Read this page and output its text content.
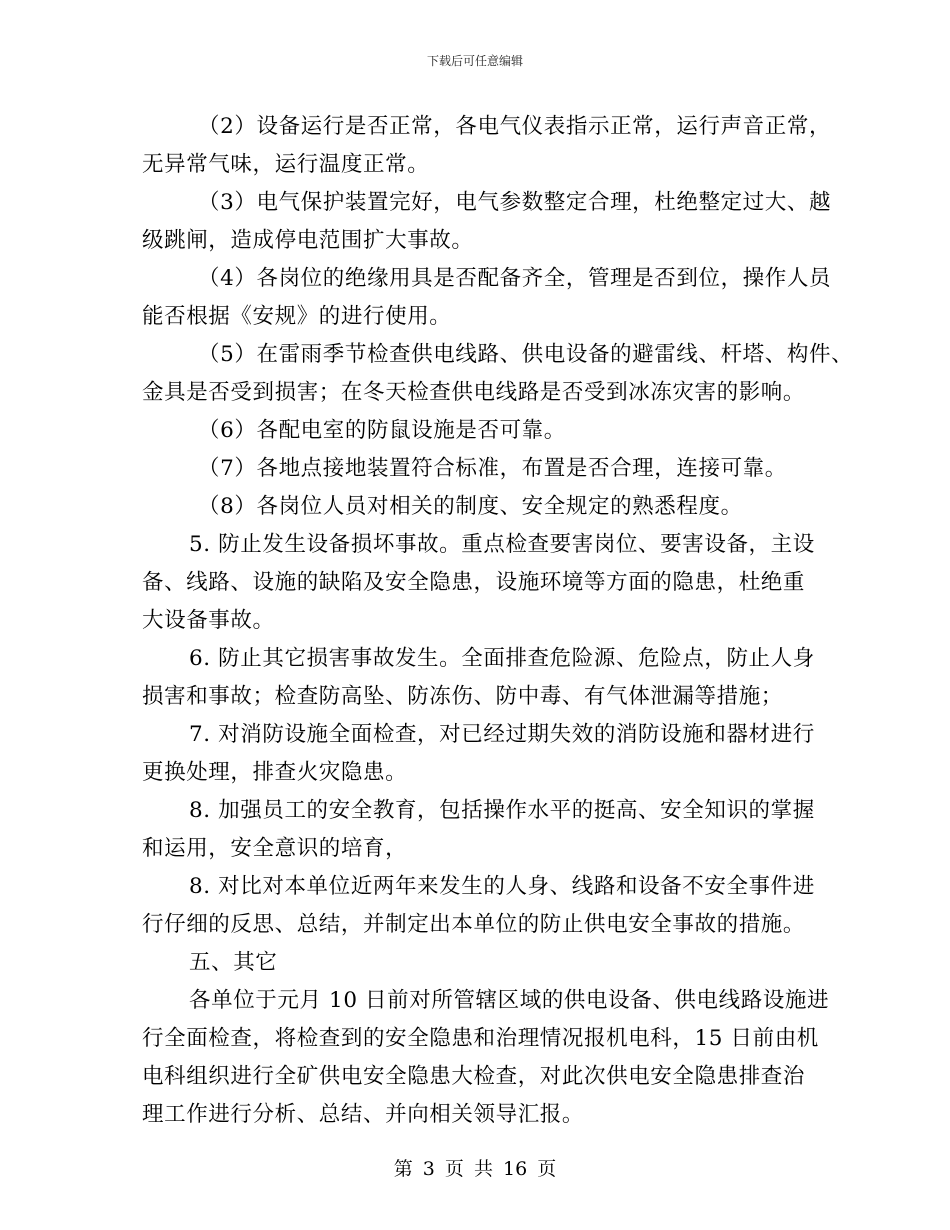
下载后可任意编辑
（2）设备运行是否正常，各电气仪表指示正常，运行声音正常，
无异常气味，运行温度正常。
（3）电气保护装置完好，电气参数整定合理，杜绝整定过大、越
级跳闸，造成停电范围扩大事故。
（4）各岗位的绝缘用具是否配备齐全，管理是否到位，操作人员
能否根据《安规》的进行使用。
（5）在雷雨季节检查供电线路、供电设备的避雷线、杆塔、构件、
金具是否受到损害；在冬天检查供电线路是否受到冰冻灾害的影响。
（6）各配电室的防鼠设施是否可靠。
（7）各地点接地装置符合标准，布置是否合理，连接可靠。
（8）各岗位人员对相关的制度、安全规定的熟悉程度。
5. 防止发生设备损坏事故。重点检查要害岗位、要害设备，主设
备、线路、设施的缺陷及安全隐患，设施环境等方面的隐患，杜绝重
大设备事故。
6. 防止其它损害事故发生。全面排查危险源、危险点，防止人身
损害和事故；检查防高坠、防冻伤、防中毒、有气体泄漏等措施；
7. 对消防设施全面检查，对已经过期失效的消防设施和器材进行
更换处理，排查火灾隐患。
8. 加强员工的安全教育，包括操作水平的挺高、安全知识的掌握
和运用，安全意识的培育，
8. 对比对本单位近两年来发生的人身、线路和设备不安全事件进
行仔细的反思、总结，并制定出本单位的防止供电安全事故的措施。
五、其它
各单位于元月 10 日前对所管辖区域的供电设备、供电线路设施进
行全面检查，将检查到的安全隐患和治理情况报机电科，15 日前由机
电科组织进行全矿供电安全隐患大检查，对此次供电安全隐患排查治
理工作进行分析、总结、并向相关领导汇报。
第 3 页 共 16 页
